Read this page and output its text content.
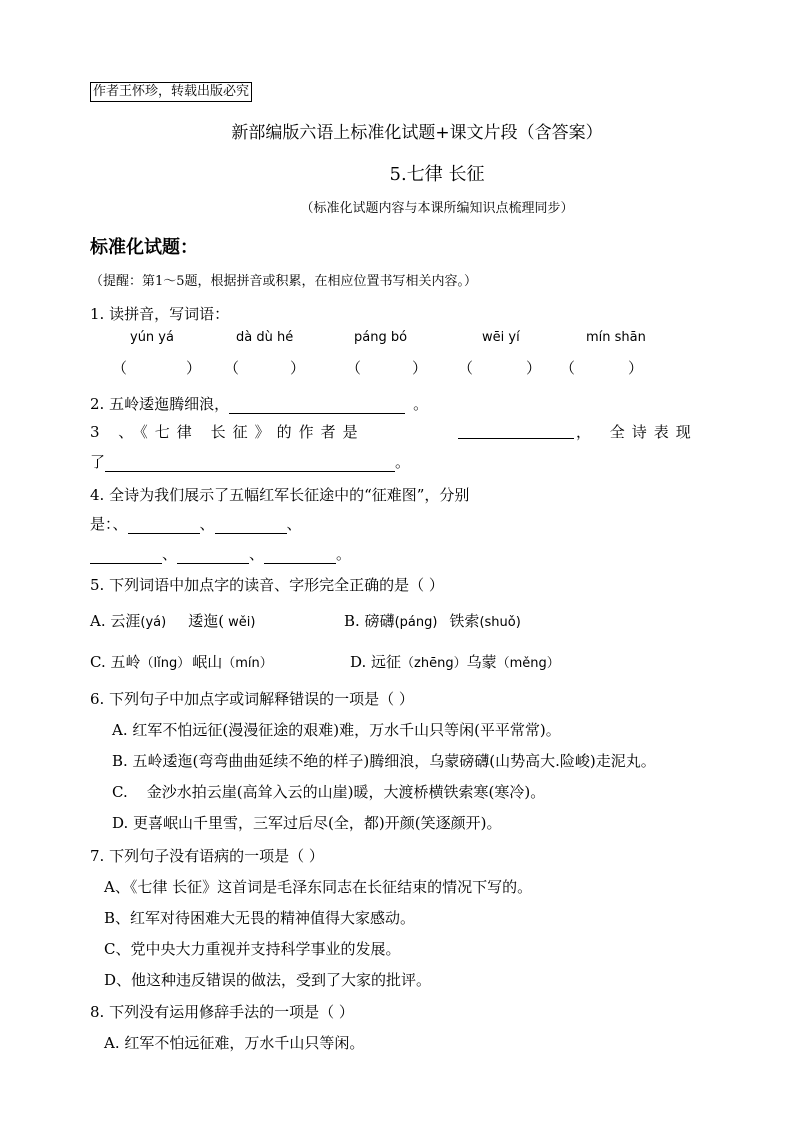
作者王怀珍，转载出版必究
新部编版六语上标准化试题+课文片段（含答案）
5.七律 长征
（标准化试题内容与本课所编知识点梳理同步）
标准化试题：
（提醒：第1～5题，根据拼音或积累，在相应位置书写相关内容。）
1. 读拼音，写词语：
yún yá	dà dù hé	páng bó	wēi yí	mín shān
（	） （	）	（	） （	） （	）
2. 五岭逶迤腾细浪，	。
3 、《七律 长征》的作者是	， 全诗表现
了	。
4. 全诗为我们展示了五幅红军长征途中的“征难图”，分别
是：、	、	、
、	、	。
5. 下列词语中加点字的读音、字形完全正确的是（ ）
A. 云涯(yá) 逶迤( wěi)	B. 磅礴(páng) 铁索(shuǒ)
C. 五岭（lǐng） 岷山（mín）	D. 远征（zhēng）乌蒙（měng）
6. 下列句子中加点字或词解释错误的一项是（ ）
A. 红军不怕远征(漫漫征途的艰难)难，万水千山只等闲(平平常常)。
B. 五岭逶迤(弯弯曲曲延续不绝的样子)腾细浪，乌蒙磅礴(山势高大.险峻)走泥丸。
C.    金沙水拍云崖(高耸入云的山崖)暖，大渡桥横铁索寒(寒冷)。
D. 更喜岷山千里雪，三军过后尽(全，都)开颜(笑逐颜开)。
7. 下列句子没有语病的一项是（ ）
A、《七律 长征》这首词是毛泽东同志在长征结束的情况下写的。
B、红军对待困难大无畏的精神值得大家感动。
C、党中央大力重视并支持科学事业的发展。
D、他这种违反错误的做法，受到了大家的批评。
8. 下列没有运用修辞手法的一项是（ ）
A. 红军不怕远征难，万水千山只等闲。
